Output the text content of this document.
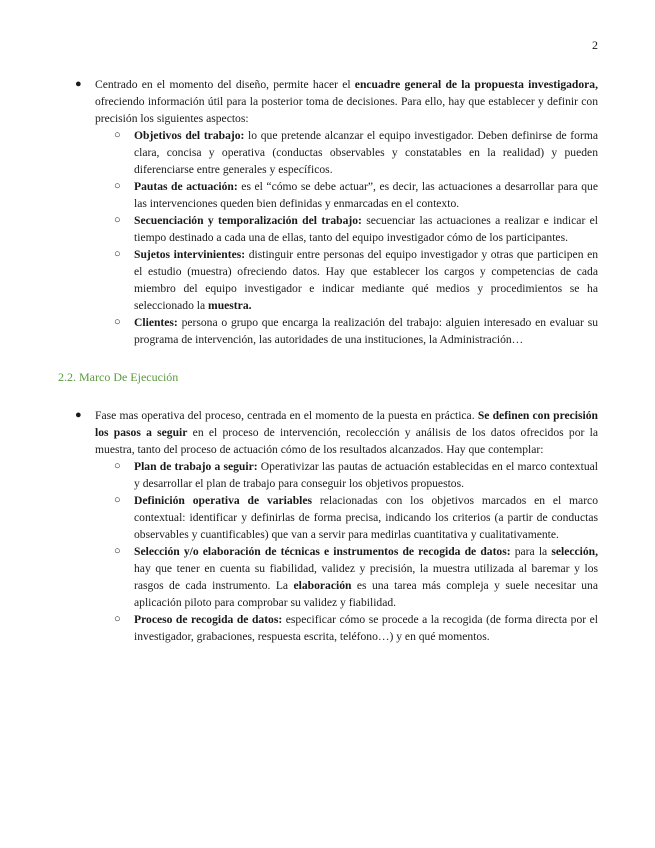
2
● Centrado en el momento del diseño, permite hacer el encuadre general de la propuesta investigadora, ofreciendo información útil para la posterior toma de decisiones. Para ello, hay que establecer y definir con precisión los siguientes aspectos:
○ Objetivos del trabajo: lo que pretende alcanzar el equipo investigador. Deben definirse de forma clara, concisa y operativa (conductas observables y constatables en la realidad) y pueden diferenciarse entre generales y específicos.
○ Pautas de actuación: es el “cómo se debe actuar”, es decir, las actuaciones a desarrollar para que las intervenciones queden bien definidas y enmarcadas en el contexto.
○ Secuenciación y temporalización del trabajo: secuenciar las actuaciones a realizar e indicar el tiempo destinado a cada una de ellas, tanto del equipo investigador cómo de los participantes.
○ Sujetos intervinientes: distinguir entre personas del equipo investigador y otras que participen en el estudio (muestra) ofreciendo datos. Hay que establecer los cargos y competencias de cada miembro del equipo investigador e indicar mediante qué medios y procedimientos se ha seleccionado la muestra.
○ Clientes: persona o grupo que encarga la realización del trabajo: alguien interesado en evaluar su programa de intervención, las autoridades de una instituciones, la Administración…
2.2. Marco De Ejecución
● Fase mas operativa del proceso, centrada en el momento de la puesta en práctica. Se definen con precisión los pasos a seguir en el proceso de intervención, recolección y análisis de los datos ofrecidos por la muestra, tanto del proceso de actuación cómo de los resultados alcanzados. Hay que contemplar:
○ Plan de trabajo a seguir: Operativizar las pautas de actuación establecidas en el marco contextual y desarrollar el plan de trabajo para conseguir los objetivos propuestos.
○ Definición operativa de variables relacionadas con los objetivos marcados en el marco contextual: identificar y definirlas de forma precisa, indicando los criterios (a partir de conductas observables y cuantificables) que van a servir para medirlas cuantitativa y cualitativamente.
○ Selección y/o elaboración de técnicas e instrumentos de recogida de datos: para la selección, hay que tener en cuenta su fiabilidad, validez y precisión, la muestra utilizada al baremar y los rasgos de cada instrumento. La elaboración es una tarea más compleja y suele necesitar una aplicación piloto para comprobar su validez y fiabilidad.
○ Proceso de recogida de datos: especificar cómo se procede a la recogida (de forma directa por el investigador, grabaciones, respuesta escrita, teléfono…) y en qué momentos.
